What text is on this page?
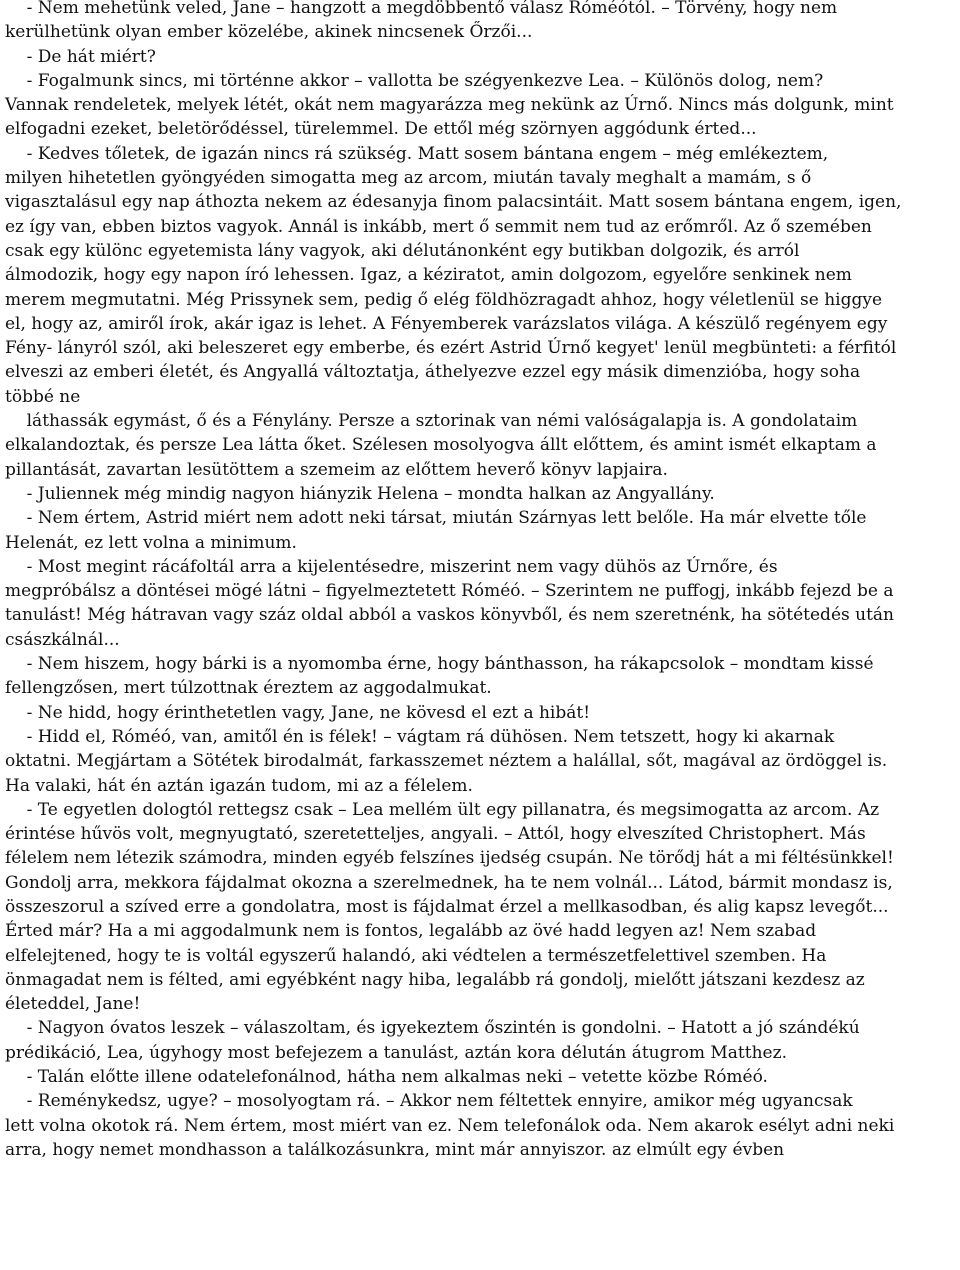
- Nem mehetünk veled, Jane – hangzott a megdöbbentő válasz Róméótól. – Törvény, hogy nem
kerülhetünk olyan ember közelébe, akinek nincsenek Őrzői...
- De hát miért?
- Fogalmunk sincs, mi történne akkor – vallotta be szégyenkezve Lea. – Különös dolog, nem?
Vannak rendeletek, melyek létét, okát nem magyarázza meg nekünk az Úrnő. Nincs más dolgunk, mint
elfogadni ezeket, beletörődéssel, türelemmel. De ettől még szörnyen aggódunk érted...
- Kedves tőletek, de igazán nincs rá szükség. Matt sosem bántana engem – még emlékeztem,
milyen hihetetlen gyöngyéden simogatta meg az arcom, miután tavaly meghalt a mamám, s ő
vigasztalásul egy nap áthozta nekem az édesanyja finom palacsintáit. Matt sosem bántana engem, igen,
ez így van, ebben biztos vagyok. Annál is inkább, mert ő semmit nem tud az erőmről. Az ő szemében
csak egy különc egyetemista lány vagyok, aki délutánonként egy butikban dolgozik, és arról
álmodozik, hogy egy napon író lehessen. Igaz, a kéziratot, amin dolgozom, egyelőre senkinek nem
merem megmutatni. Még Prissynek sem, pedig ő elég földhözragadt ahhoz, hogy véletlenül se higgye
el, hogy az, amiről írok, akár igaz is lehet. A Fényemberek varázslatos világa. A készülő regényem egy
Fény- lányról szól, aki beleszeret egy emberbe, és ezért Astrid Úrnő kegyet' lenül megbünteti: a férfitól
elveszi az emberi életét, és Angyallá változtatja, áthelyezve ezzel egy másik dimenzióba, hogy soha
többé ne
láthassák egymást, ő és a Fénylány. Persze a sztorinak van némi valóságalapja is. A gondolataim
elkalandoztak, és persze Lea látta őket. Szélesen mosolyogva állt előttem, és amint ismét elkaptam a
pillantását, zavartan lesütöttem a szemeim az előttem heverő könyv lapjaira.
- Juliennek még mindig nagyon hiányzik Helena – mondta halkan az Angyallány.
- Nem értem, Astrid miért nem adott neki társat, miután Szárnyas lett belőle. Ha már elvette tőle
Helenát, ez lett volna a minimum.
- Most megint rácáfoltál arra a kijelentésedre, miszerint nem vagy dühös az Úrnőre, és
megpróbálsz a döntései mögé látni – figyelmeztetett Róméó. – Szerintem ne puffogj, inkább fejezd be a
tanulást! Még hátravan vagy száz oldal abból a vaskos könyvből, és nem szeretnénk, ha sötétedés után
császkálnál...
- Nem hiszem, hogy bárki is a nyomomba érne, hogy bánthasson, ha rákapcsolok – mondtam kissé
fellengzősen, mert túlzottnak éreztem az aggodalmukat.
- Ne hidd, hogy érinthetetlen vagy, Jane, ne kövesd el ezt a hibát!
- Hidd el, Róméó, van, amitől én is félek! – vágtam rá dühösen. Nem tetszett, hogy ki akarnak
oktatni. Megjártam a Sötétek birodalmát, farkasszemet néztem a halállal, sőt, magával az ördöggel is.
Ha valaki, hát én aztán igazán tudom, mi az a félelem.
- Te egyetlen dologtól rettegsz csak – Lea mellém ült egy pillanatra, és megsimogatta az arcom. Az
érintése hűvös volt, megnyugtató, szeretetteljes, angyali. – Attól, hogy elveszíted Christophert. Más
félelem nem létezik számodra, minden egyéb felszínes ijedség csupán. Ne törődj hát a mi féltésünkkel!
Gondolj arra, mekkora fájdalmat okozna a szerelmednek, ha te nem volnál... Látod, bármit mondasz is,
összeszorul a szíved erre a gondolatra, most is fájdalmat érzel a mellkasodban, és alig kapsz levegőt...
Érted már? Ha a mi aggodalmunk nem is fontos, legalább az övé hadd legyen az! Nem szabad
elfelejtened, hogy te is voltál egyszerű halandó, aki védtelen a természetfelettivel szemben. Ha
önmagadat nem is félted, ami egyébként nagy hiba, legalább rá gondolj, mielőtt játszani kezdesz az
életeddel, Jane!
- Nagyon óvatos leszek – válaszoltam, és igyekeztem őszintén is gondolni. – Hatott a jó szándékú
prédikáció, Lea, úgyhogy most befejezem a tanulást, aztán kora délután átugrom Matthez.
- Talán előtte illene odatelefonálnod, hátha nem alkalmas neki – vetette közbe Róméó.
- Reménykedsz, ugye? – mosolyogtam rá. – Akkor nem féltettek ennyire, amikor még ugyancsak
lett volna okotok rá. Nem értem, most miért van ez. Nem telefonálok oda. Nem akarok esélyt adni neki
arra, hogy nemet mondhasson a találkozásunkra, mint már annyiszor. az elmúlt egy évben
